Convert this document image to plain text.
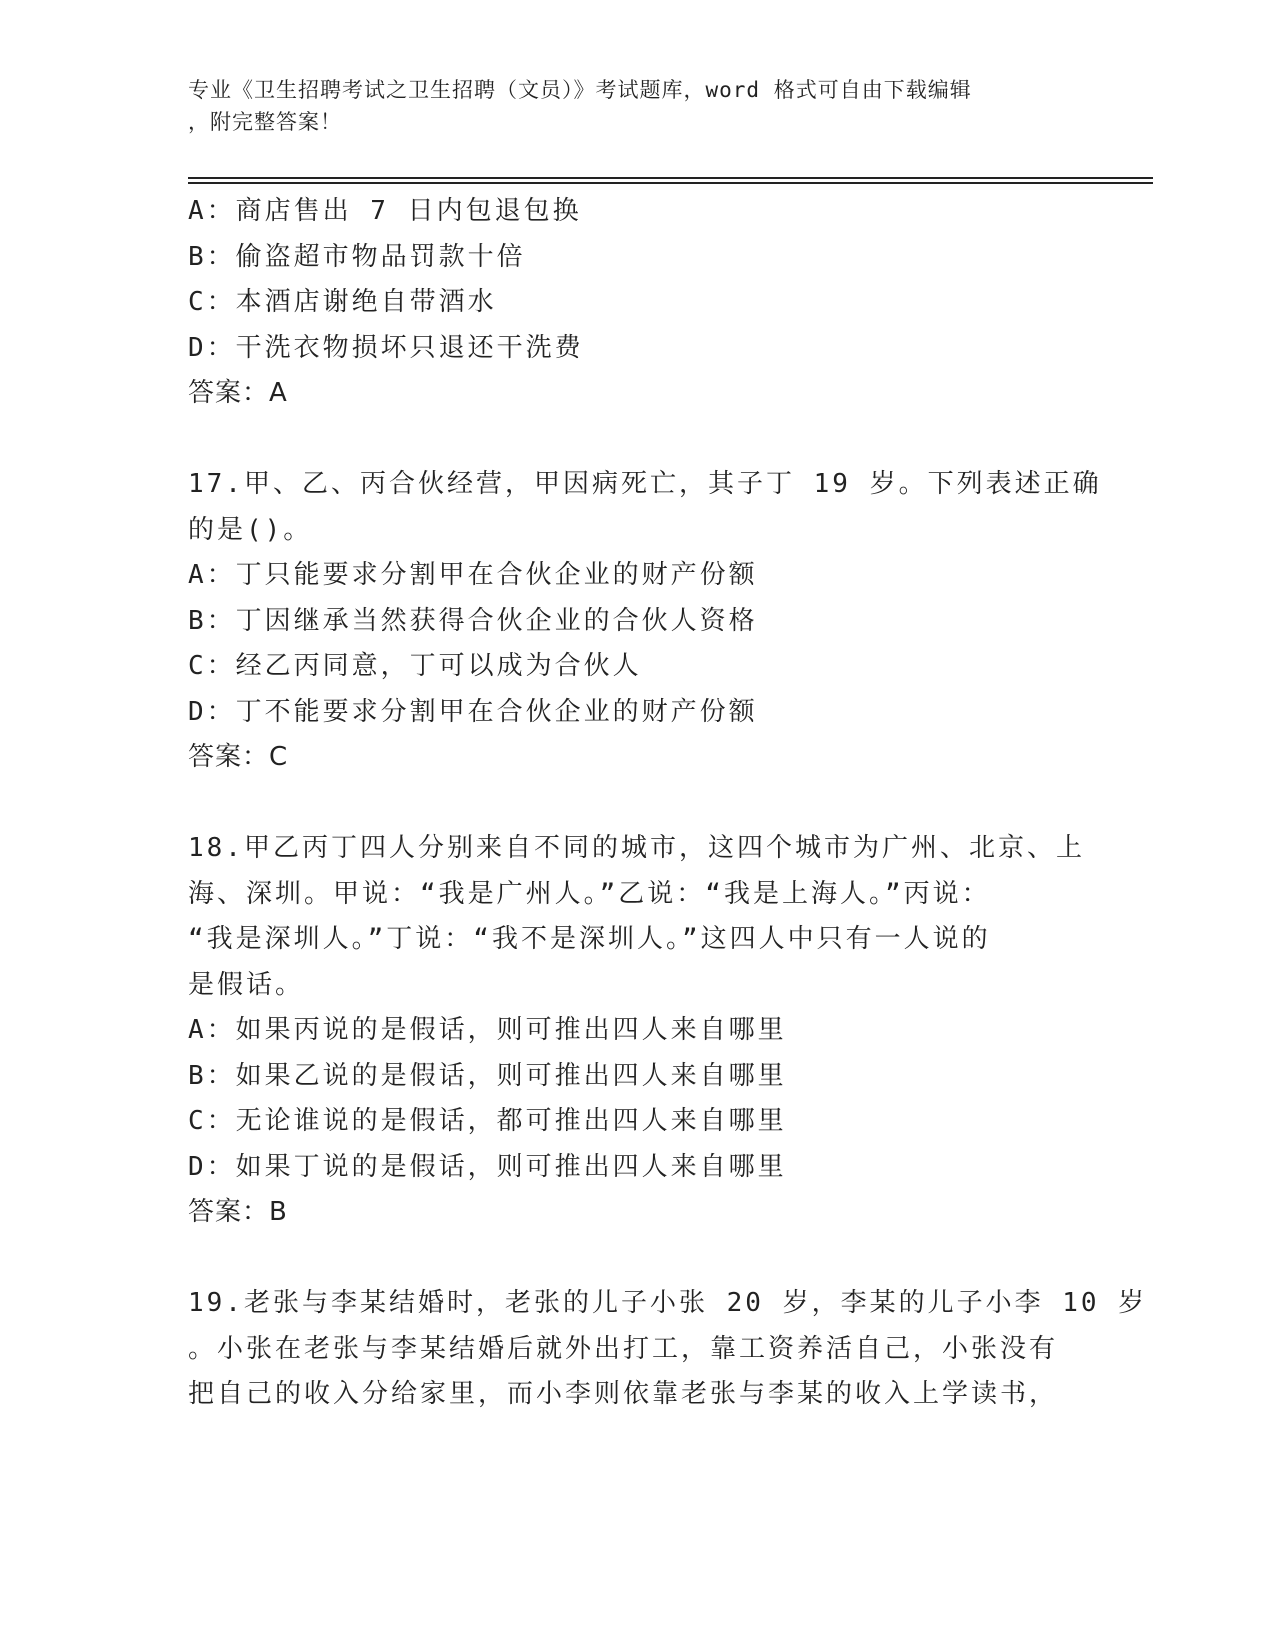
专业《卫生招聘考试之卫生招聘（文员）》考试题库，word 格式可自由下载编辑
，附完整答案！
A：商店售出 7 日内包退包换
B：偷盗超市物品罚款十倍
C：本酒店谢绝自带酒水
D：干洗衣物损坏只退还干洗费
答案：A
17.甲、乙、丙合伙经营，甲因病死亡，其子丁 19 岁。下列表述正确
的是()。
A：丁只能要求分割甲在合伙企业的财产份额
B：丁因继承当然获得合伙企业的合伙人资格
C：经乙丙同意，丁可以成为合伙人
D：丁不能要求分割甲在合伙企业的财产份额
答案：C
18.甲乙丙丁四人分别来自不同的城市，这四个城市为广州、北京、上
海、深圳。甲说：“我是广州人。”乙说：“我是上海人。”丙说：
“我是深圳人。”丁说：“我不是深圳人。”这四人中只有一人说的
是假话。
A：如果丙说的是假话，则可推出四人来自哪里
B：如果乙说的是假话，则可推出四人来自哪里
C：无论谁说的是假话，都可推出四人来自哪里
D：如果丁说的是假话，则可推出四人来自哪里
答案：B
19.老张与李某结婚时，老张的儿子小张 20 岁，李某的儿子小李 10 岁
。小张在老张与李某结婚后就外出打工，靠工资养活自己，小张没有
把自己的收入分给家里，而小李则依靠老张与李某的收入上学读书，
